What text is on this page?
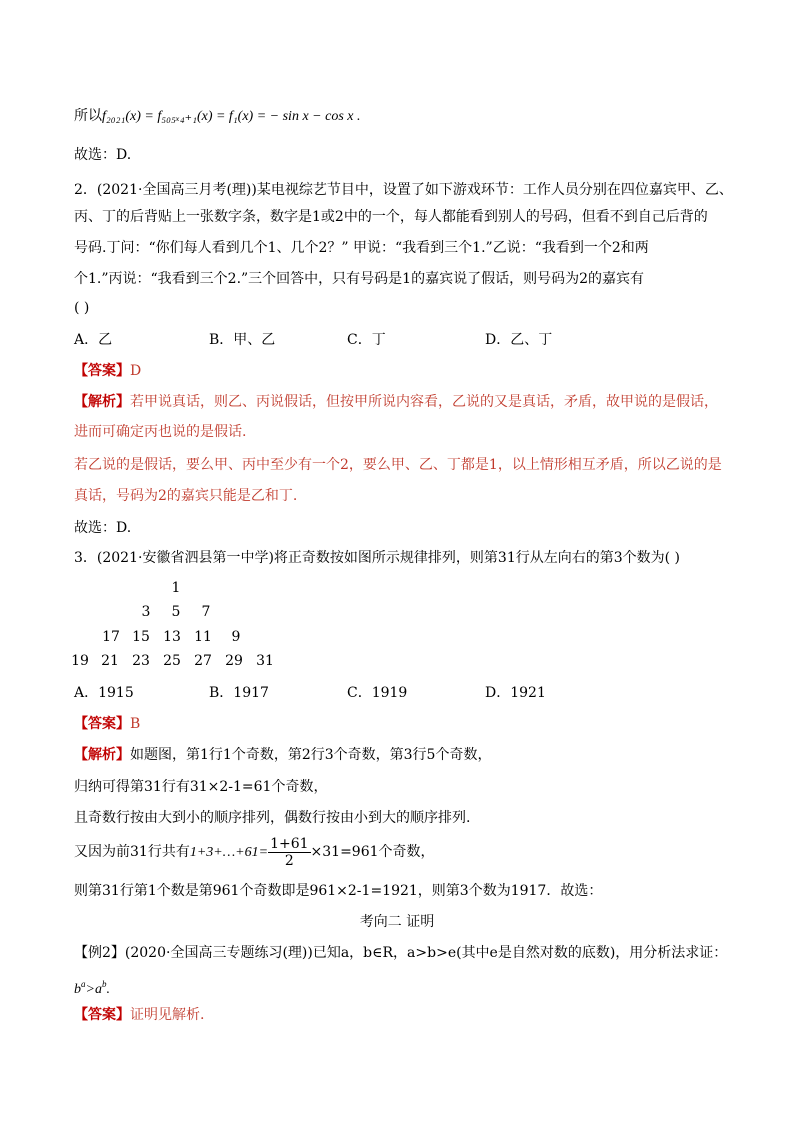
所以f₂₀₂₁(x) = f₅₀₅ₓ₄₊₁(x) = f₁(x) = − sin x − cos x .
故选：D.
2．(2021·全国高三月考(理))某电视综艺节目中，设置了如下游戏环节：工作人员分别在四位嘉宾甲、乙、
丙、丁的后背贴上一张数字条，数字是1或2中的一个，每人都能看到别人的号码，但看不到自己后背的
号码.丁问：“你们每人看到几个1、几个2？” 甲说：“我看到三个1.”乙说：“我看到一个2和两
个1.”丙说：“我看到三个2.”三个回答中，只有号码是1的嘉宾说了假话，则号码为2的嘉宾有
( )
A．乙	B．甲、乙	C．丁	D．乙、丁
【答案】D
【解析】若甲说真话，则乙、丙说假话，但按甲所说内容看，乙说的又是真话，矛盾，故甲说的是假话，
进而可确定丙也说的是假话.
若乙说的是假话，要么甲、丙中至少有一个2，要么甲、乙、丁都是1，以上情形相互矛盾，所以乙说的是
真话，号码为2的嘉宾只能是乙和丁.
故选：D.
3．(2021·安徽省泗县第一中学)将正奇数按如图所示规律排列，则第31行从左向右的第3个数为( )
1
3	5	7
17 15 13 11	9
19 21 23 25 27 29 31
A．1915	B．1917	C．1919	D．1921
【答案】B
【解析】如题图，第1行1个奇数，第2行3个奇数，第3行5个奇数，
归纳可得第31行有31×2-1=61个奇数，
且奇数行按由大到小的顺序排列，偶数行按由小到大的顺序排列.
又因为前31行共有1+3+…+61= $\frac{1+61}{2} \times 31=961$个奇数，
则第31行第1个数是第961个奇数即是961×2-1=1921，则第3个数为1917．故选：
考向二 证明
【例2】(2020·全国高三专题练习(理))已知a，b∈R，a>b>e(其中e是自然对数的底数)，用分析法求证：
$b^a>a^b$.
【答案】证明见解析.
